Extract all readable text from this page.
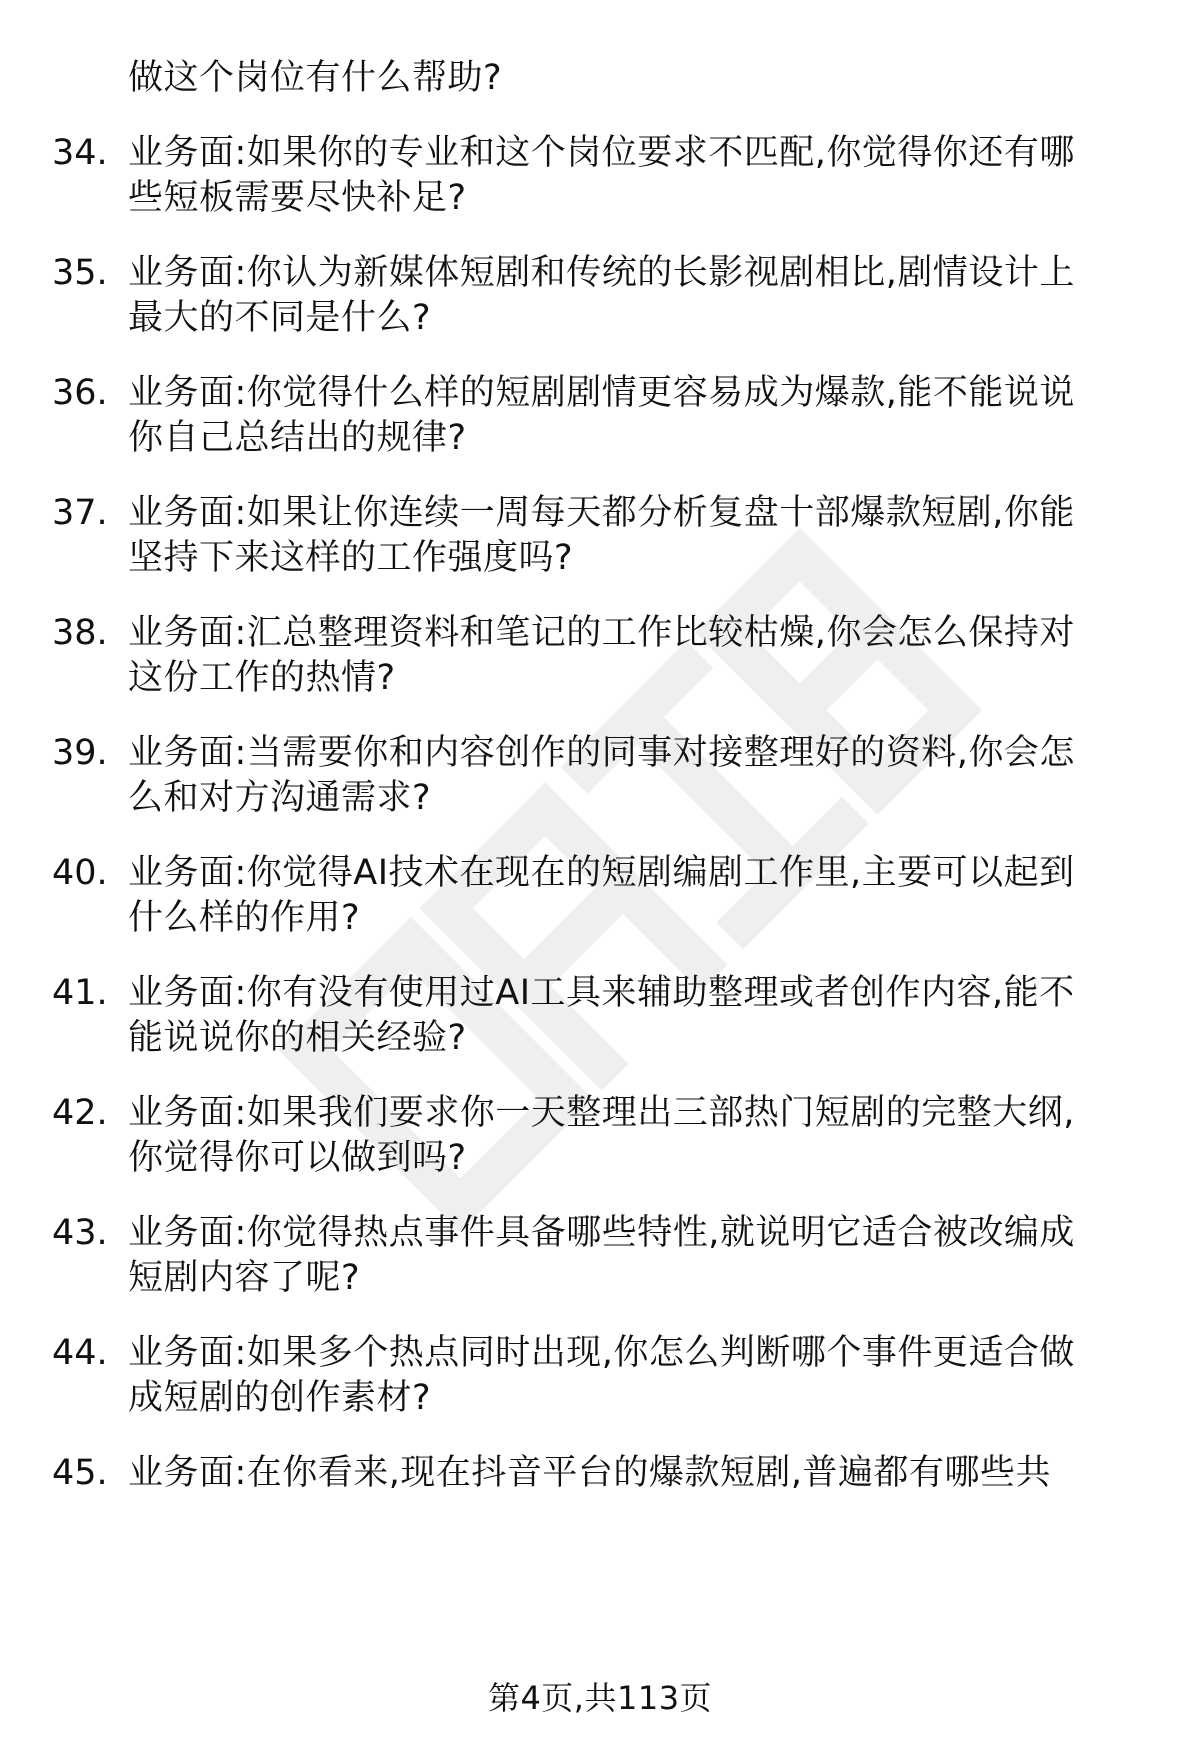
做这个岗位有什么帮助?
34. 业务面:如果你的专业和这个岗位要求不匹配,你觉得你还有哪
些短板需要尽快补足?
35. 业务面:你认为新媒体短剧和传统的长影视剧相比,剧情设计上
最大的不同是什么?
36. 业务面:你觉得什么样的短剧剧情更容易成为爆款,能不能说说
你自己总结出的规律?
37. 业务面:如果让你连续一周每天都分析复盘十部爆款短剧,你能
坚持下来这样的工作强度吗?
38. 业务面:汇总整理资料和笔记的工作比较枯燥,你会怎么保持对
这份工作的热情?
39. 业务面:当需要你和内容创作的同事对接整理好的资料,你会怎
么和对方沟通需求?
40. 业务面:你觉得AI技术在现在的短剧编剧工作里,主要可以起到
什么样的作用?
41. 业务面:你有没有使用过AI工具来辅助整理或者创作内容,能不
能说说你的相关经验?
42. 业务面:如果我们要求你一天整理出三部热门短剧的完整大纲,
你觉得你可以做到吗?
43. 业务面:你觉得热点事件具备哪些特性,就说明它适合被改编成
短剧内容了呢?
44. 业务面:如果多个热点同时出现,你怎么判断哪个事件更适合做
成短剧的创作素材?
45. 业务面:在你看来,现在抖音平台的爆款短剧,普遍都有哪些共
第4页,共113页
